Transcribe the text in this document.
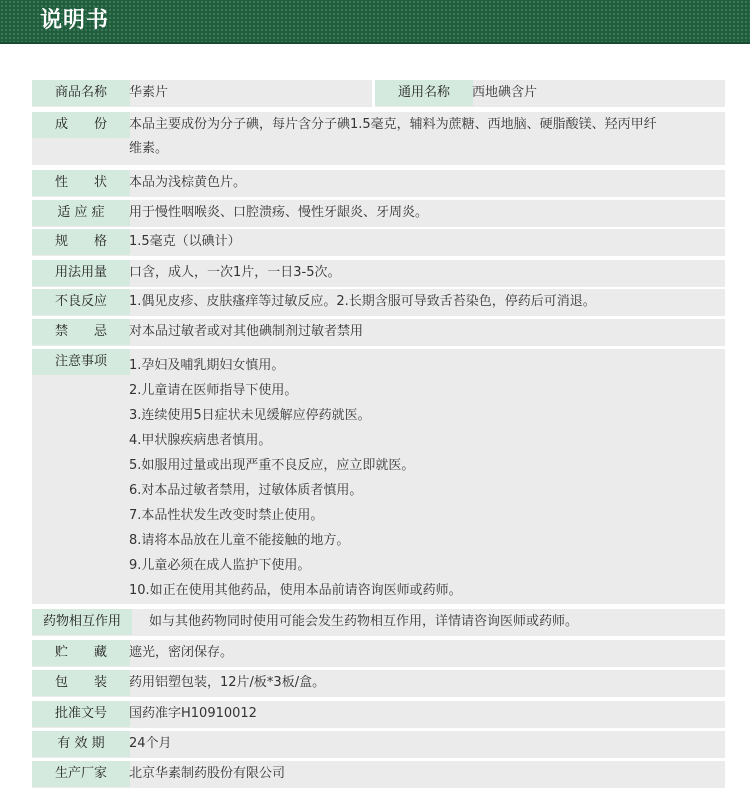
说明书
商品名称	华素片	通用名称	西地碘含片
成　　份	本品主要成份为分子碘，每片含分子碘1.5毫克，辅料为蔗糖、西地脑、硬脂酸镁、羟丙甲纤
维素。
性　　状	本品为浅棕黄色片。
适 应 症	用于慢性咽喉炎、口腔溃疡、慢性牙龈炎、牙周炎。
规　　格	1.5毫克（以碘计）
用法用量	口含，成人，一次1片，一日3-5次。
不良反应	1.偶见皮疹、皮肤瘙痒等过敏反应。2.长期含服可导致舌苔染色，停药后可消退。
禁　　忌	对本品过敏者或对其他碘制剂过敏者禁用
注意事项	1.孕妇及哺乳期妇女慎用。
2.儿童请在医师指导下使用。
3.连续使用5日症状未见缓解应停药就医。
4.甲状腺疾病患者慎用。
5.如服用过量或出现严重不良反应，应立即就医。
6.对本品过敏者禁用，过敏体质者慎用。
7.本品性状发生改变时禁止使用。
8.请将本品放在儿童不能接触的地方。
9.儿童必须在成人监护下使用。
10.如正在使用其他药品，使用本品前请咨询医师或药师。
药物相互作用	如与其他药物同时使用可能会发生药物相互作用，详情请咨询医师或药师。
贮　　藏	遮光，密闭保存。
包　　装	药用铝塑包装，12片/板*3板/盒。
批准文号	国药准字H10910012
有 效 期	24个月
生产厂家	北京华素制药股份有限公司
